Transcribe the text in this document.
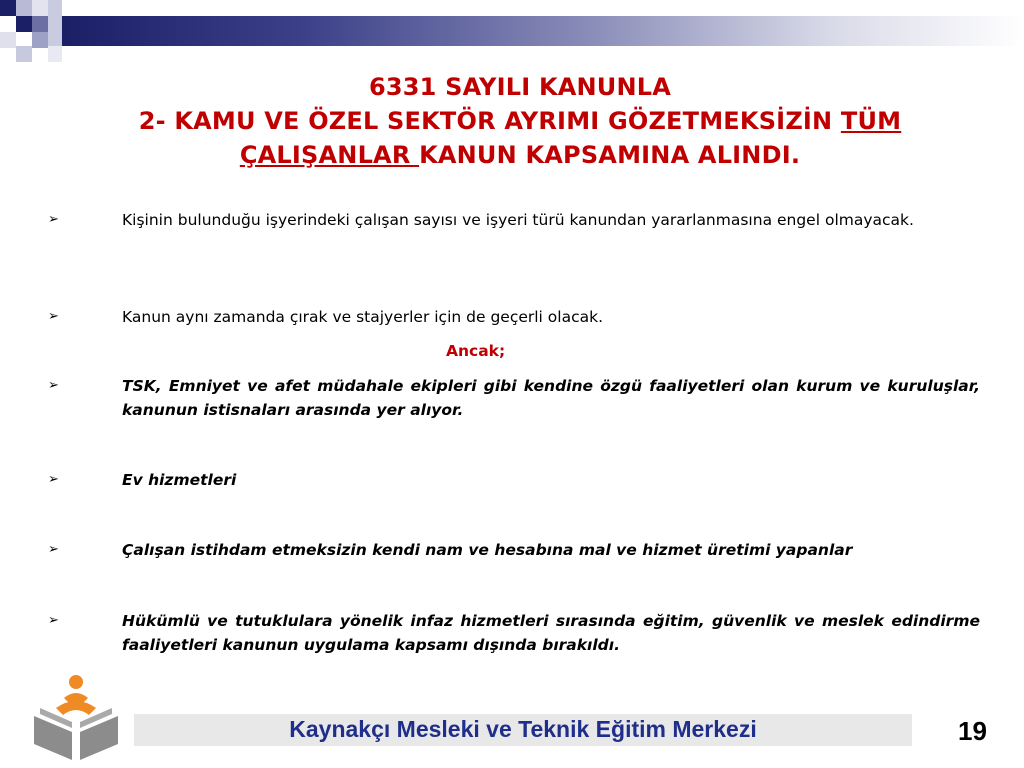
6331 SAYILI KANUNLA
2- KAMU VE ÖZEL SEKTÖR AYRIMI GÖZETMEKSİZİN TÜM
ÇALIŞANLAR KANUN KAPSAMINA ALINDI.
➢	Kişinin bulunduğu işyerindeki çalışan sayısı ve işyeri türü kanundan yararlanmasına engel olmayacak.
➢	Kanun aynı zamanda çırak ve stajyerler için de geçerli olacak.
Ancak;
➢	TSK, Emniyet ve afet müdahale ekipleri gibi kendine özgü faaliyetleri olan kurum ve kuruluşlar, kanunun istisnaları arasında yer alıyor.
➢	Ev hizmetleri
➢	Çalışan istihdam etmeksizin kendi nam ve hesabına mal ve hizmet üretimi yapanlar
➢	Hükümlü ve tutuklulara yönelik infaz hizmetleri sırasında eğitim, güvenlik ve meslek edindirme faaliyetleri kanunun uygulama kapsamı dışında bırakıldı.
Kaynakçı Mesleki ve Teknik Eğitim Merkezi	19
